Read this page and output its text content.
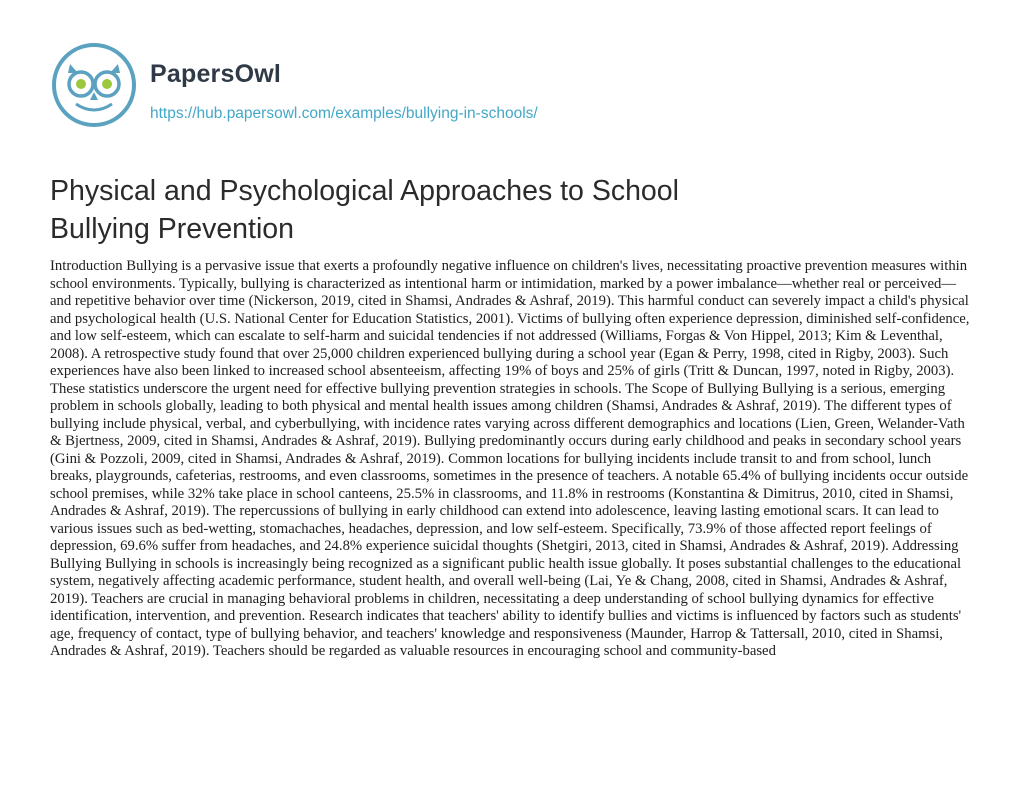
PapersOwl
https://hub.papersowl.com/examples/bullying-in-schools/
Physical and Psychological Approaches to School Bullying Prevention

Introduction Bullying is a pervasive issue that exerts a profoundly negative influence on children's lives, necessitating proactive prevention measures within school environments. Typically, bullying is characterized as intentional harm or intimidation, marked by a power imbalance—whether real or perceived—and repetitive behavior over time (Nickerson, 2019, cited in Shamsi, Andrades & Ashraf, 2019). This harmful conduct can severely impact a child's physical and psychological health (U.S. National Center for Education Statistics, 2001). Victims of bullying often experience depression, diminished self-confidence, and low self-esteem, which can escalate to self-harm and suicidal tendencies if not addressed (Williams, Forgas & Von Hippel, 2013; Kim & Leventhal, 2008). A retrospective study found that over 25,000 children experienced bullying during a school year (Egan & Perry, 1998, cited in Rigby, 2003). Such experiences have also been linked to increased school absenteeism, affecting 19% of boys and 25% of girls (Tritt & Duncan, 1997, noted in Rigby, 2003). These statistics underscore the urgent need for effective bullying prevention strategies in schools. The Scope of Bullying Bullying is a serious, emerging problem in schools globally, leading to both physical and mental health issues among children (Shamsi, Andrades & Ashraf, 2019). The different types of bullying include physical, verbal, and cyberbullying, with incidence rates varying across different demographics and locations (Lien, Green, Welander-Vath & Bjertness, 2009, cited in Shamsi, Andrades & Ashraf, 2019). Bullying predominantly occurs during early childhood and peaks in secondary school years (Gini & Pozzoli, 2009, cited in Shamsi, Andrades & Ashraf, 2019). Common locations for bullying incidents include transit to and from school, lunch breaks, playgrounds, cafeterias, restrooms, and even classrooms, sometimes in the presence of teachers. A notable 65.4% of bullying incidents occur outside school premises, while 32% take place in school canteens, 25.5% in classrooms, and 11.8% in restrooms (Konstantina & Dimitrus, 2010, cited in Shamsi, Andrades & Ashraf, 2019). The repercussions of bullying in early childhood can extend into adolescence, leaving lasting emotional scars. It can lead to various issues such as bed-wetting, stomachaches, headaches, depression, and low self-esteem. Specifically, 73.9% of those affected report feelings of depression, 69.6% suffer from headaches, and 24.8% experience suicidal thoughts (Shetgiri, 2013, cited in Shamsi, Andrades & Ashraf, 2019). Addressing Bullying Bullying in schools is increasingly being recognized as a significant public health issue globally. It poses substantial challenges to the educational system, negatively affecting academic performance, student health, and overall well-being (Lai, Ye & Chang, 2008, cited in Shamsi, Andrades & Ashraf, 2019). Teachers are crucial in managing behavioral problems in children, necessitating a deep understanding of school bullying dynamics for effective identification, intervention, and prevention. Research indicates that teachers' ability to identify bullies and victims is influenced by factors such as students' age, frequency of contact, type of bullying behavior, and teachers' knowledge and responsiveness (Maunder, Harrop & Tattersall, 2010, cited in Shamsi, Andrades & Ashraf, 2019). Teachers should be regarded as valuable resources in encouraging school and community-based
